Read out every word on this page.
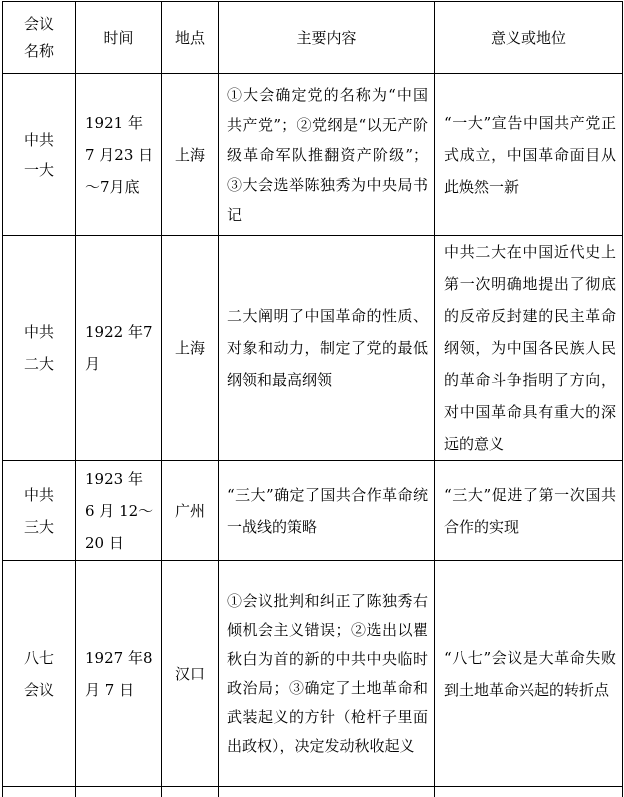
会议名称	时间	地点	主要内容	意义或地位
中共一大	1921 年 7 月23 日～7月底	上海	①大会确定党的名称为“中国共产党”；②党纲是“以无产阶级革命军队推翻资产阶级”；③大会选举陈独秀为中央局书记	“一大”宣告中国共产党正式成立，中国革命面目从此焕然一新

中共二大	1922 年7月	上海	二大阐明了中国革命的性质、对象和动力，制定了党的最低纲领和最高纲领	中共二大在中国近代史上第一次明确地提出了彻底的反帝反封建的民主革命纲领，为中国各民族人民的革命斗争指明了方向，对中国革命具有重大的深远的意义

中共三大	1923 年 6 月 12～20 日	广州	“三大”确定了国共合作革命统一战线的策略	“三大”促进了第一次国共合作的实现

八七会议	1927 年8 月 7 日	汉口	①会议批判和纠正了陈独秀右倾机会主义错误；②选出以瞿秋白为首的新的中共中央临时政治局；③确定了土地革命和武装起义的方针（枪杆子里面出政权），决定发动秋收起义	“八七”会议是大革命失败到土地革命兴起的转折点
